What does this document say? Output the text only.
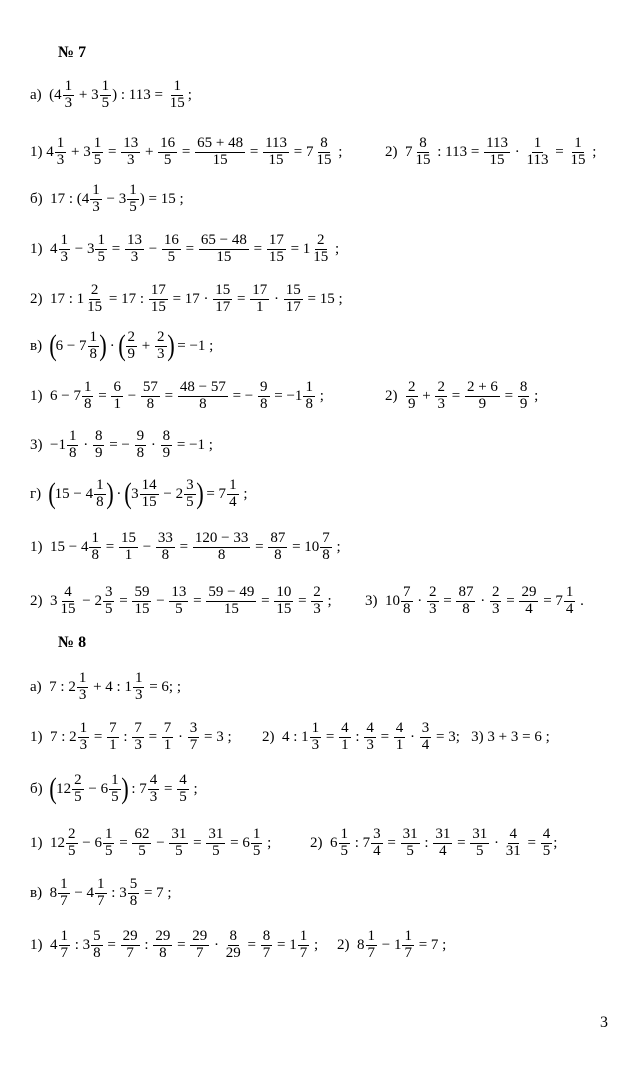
№ 7
№ 8
а)  ($4 \frac{1}{3} + 3 \frac{1}{5}$ ) : $113 = \frac{1}{15}$ ;
1) $4 \frac{1}{3} + 3 \frac{1}{5} = \frac{13}{3} + \frac{16}{5} = \frac{65 + 48}{15} = \frac{113}{15} = 7 \frac{8}{15}$ ;	2)  $7 \frac{8}{15}$ : $113 = \frac{113}{15} \cdot \frac{1}{113} = \frac{1}{15}$ ;
б)  17 : ($4 \frac{1}{3} - 3 \frac{1}{5}$ ) = 15 ;
1)  $4 \frac{1}{3} - 3 \frac{1}{5} = \frac{13}{3} - \frac{16}{5} = \frac{65 - 48}{15} = \frac{17}{15} = 1 \frac{2}{15}$ ;
2)  17 : $1 \frac{2}{15} = 17$ : $\frac{17}{15} = 17 \cdot \frac{15}{17} = \frac{17}{1} \cdot \frac{15}{17} = 15$ ;
в) ( $6 - 7 \frac{1}{8}$ ) · ( $\frac{2}{9} + \frac{2}{3}$ ) = −1 ;
1)  $6 - 7 \frac{1}{8} = \frac{6}{1} - \frac{57}{8} = \frac{48 - 57}{8}$ = − $\frac{9}{8} = -1 \frac{1}{8}$ ;	$2) \frac{2}{9} + \frac{2}{3} = \frac{2 + 6}{9} = \frac{8}{9}$ ;
$3) -1 \frac{1}{8} \cdot \frac{8}{9}$ = − $\frac{9}{8} \cdot \frac{8}{9} = -1$ ;
г) ( $15 - 4 \frac{1}{8}$ ) · ( $3 \frac{14}{15} - 2 \frac{3}{5}$ ) = $7 \frac{1}{4}$ ;
1)  $15 - 4 \frac{1}{8} = \frac{15}{1} - \frac{33}{8} = \frac{120 - 33}{8} = \frac{87}{8} = 10 \frac{7}{8}$ ;
2)  $3 \frac{4}{15} - 2 \frac{3}{5} = \frac{59}{15} - \frac{13}{5} = \frac{59 - 49}{15} = \frac{10}{15} = \frac{2}{3}$ ; 3)  $10 \frac{7}{8} \cdot \frac{2}{3} = \frac{87}{8} \cdot \frac{2}{3} = \frac{29}{4} = 7 \frac{1}{4}$ .
а)  7 : $2 \frac{1}{3} + 4$ : $1 \frac{1}{3} = 6$; ;
1)  7 : $2 \frac{1}{3} = \frac{7}{1}$ : $\frac{7}{3} = \frac{7}{1} \cdot \frac{3}{7} = 3$ ; 2)  4 : $1 \frac{1}{3} = \frac{4}{1}$ : $\frac{4}{3} = \frac{4}{1} \cdot \frac{3}{4} = 3$;   3) 3 + 3 = 6 ;
б) ( $12 \frac{2}{5} - 6 \frac{1}{5}$ ) : $7 \frac{4}{3} = \frac{4}{5}$ ;
1)  $12 \frac{2}{5} - 6 \frac{1}{5} = \frac{62}{5} - \frac{31}{5} = \frac{31}{5} = 6 \frac{1}{5}$ ;	2)  $6 \frac{1}{5}$ : $7 \frac{3}{4} = \frac{31}{5}$ : $\frac{31}{4} = \frac{31}{5} \cdot \frac{4}{31} = \frac{4}{5}$ ;
в)  $8 \frac{1}{7} - 4 \frac{1}{7}$ : $3 \frac{5}{8} = 7$ ;
1)  $4 \frac{1}{7}$ : $3 \frac{5}{8} = \frac{29}{7}$ : $\frac{29}{8} = \frac{29}{7} \cdot \frac{8}{29} = \frac{8}{7} = 1 \frac{1}{7}$ ; 2)  $8 \frac{1}{7} - 1 \frac{1}{7} = 7$ ;
3
